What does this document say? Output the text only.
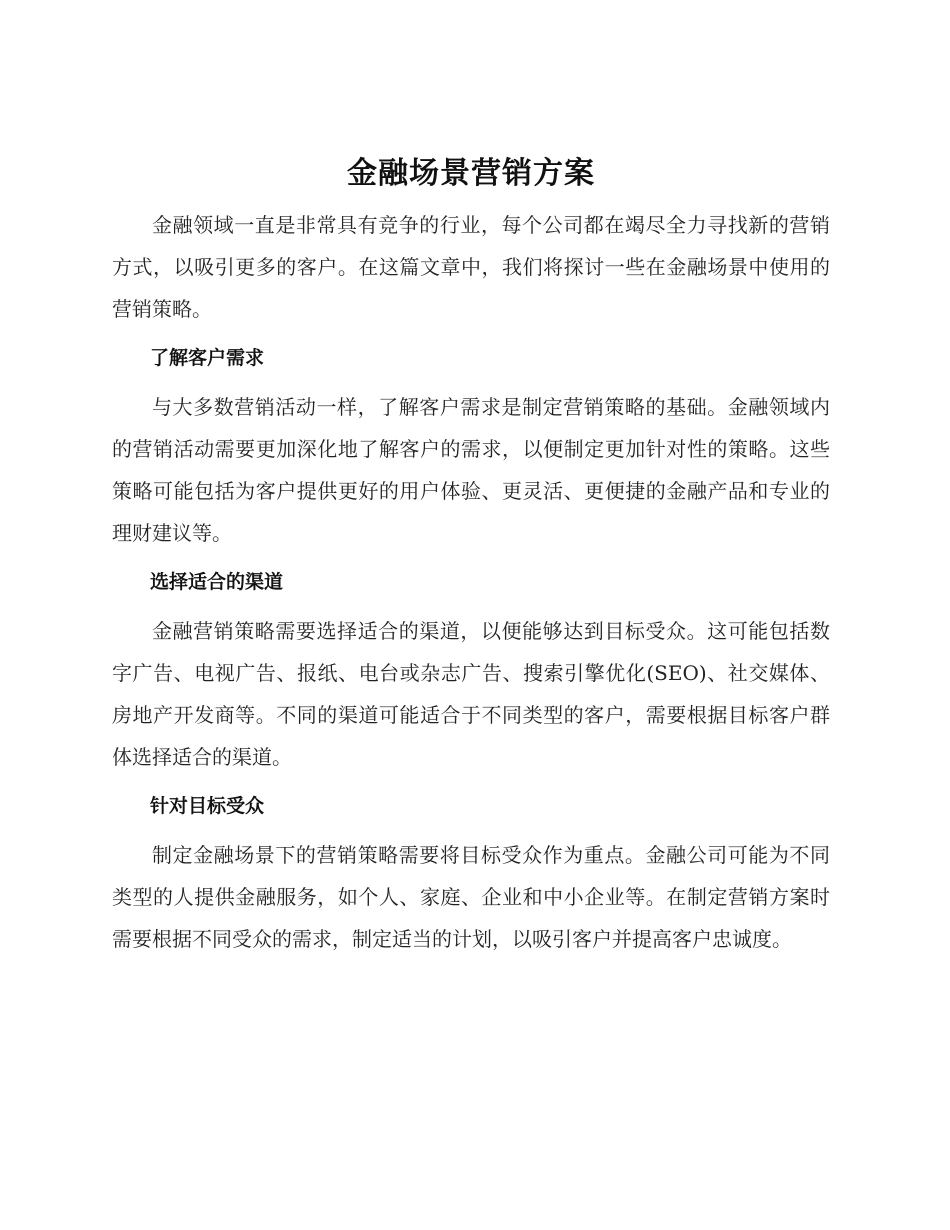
金融场景营销方案

金融领域一直是非常具有竞争的行业，每个公司都在竭尽全力寻找新的营销方式，以吸引更多的客户。在这篇文章中，我们将探讨一些在金融场景中使用的营销策略。

了解客户需求

与大多数营销活动一样，了解客户需求是制定营销策略的基础。金融领域内的营销活动需要更加深化地了解客户的需求，以便制定更加针对性的策略。这些策略可能包括为客户提供更好的用户体验、更灵活、更便捷的金融产品和专业的理财建议等。

选择适合的渠道

金融营销策略需要选择适合的渠道，以便能够达到目标受众。这可能包括数字广告、电视广告、报纸、电台或杂志广告、搜索引擎优化(SEO)、社交媒体、房地产开发商等。不同的渠道可能适合于不同类型的客户，需要根据目标客户群体选择适合的渠道。

针对目标受众

制定金融场景下的营销策略需要将目标受众作为重点。金融公司可能为不同类型的人提供金融服务，如个人、家庭、企业和中小企业等。在制定营销方案时需要根据不同受众的需求，制定适当的计划，以吸引客户并提高客户忠诚度。
